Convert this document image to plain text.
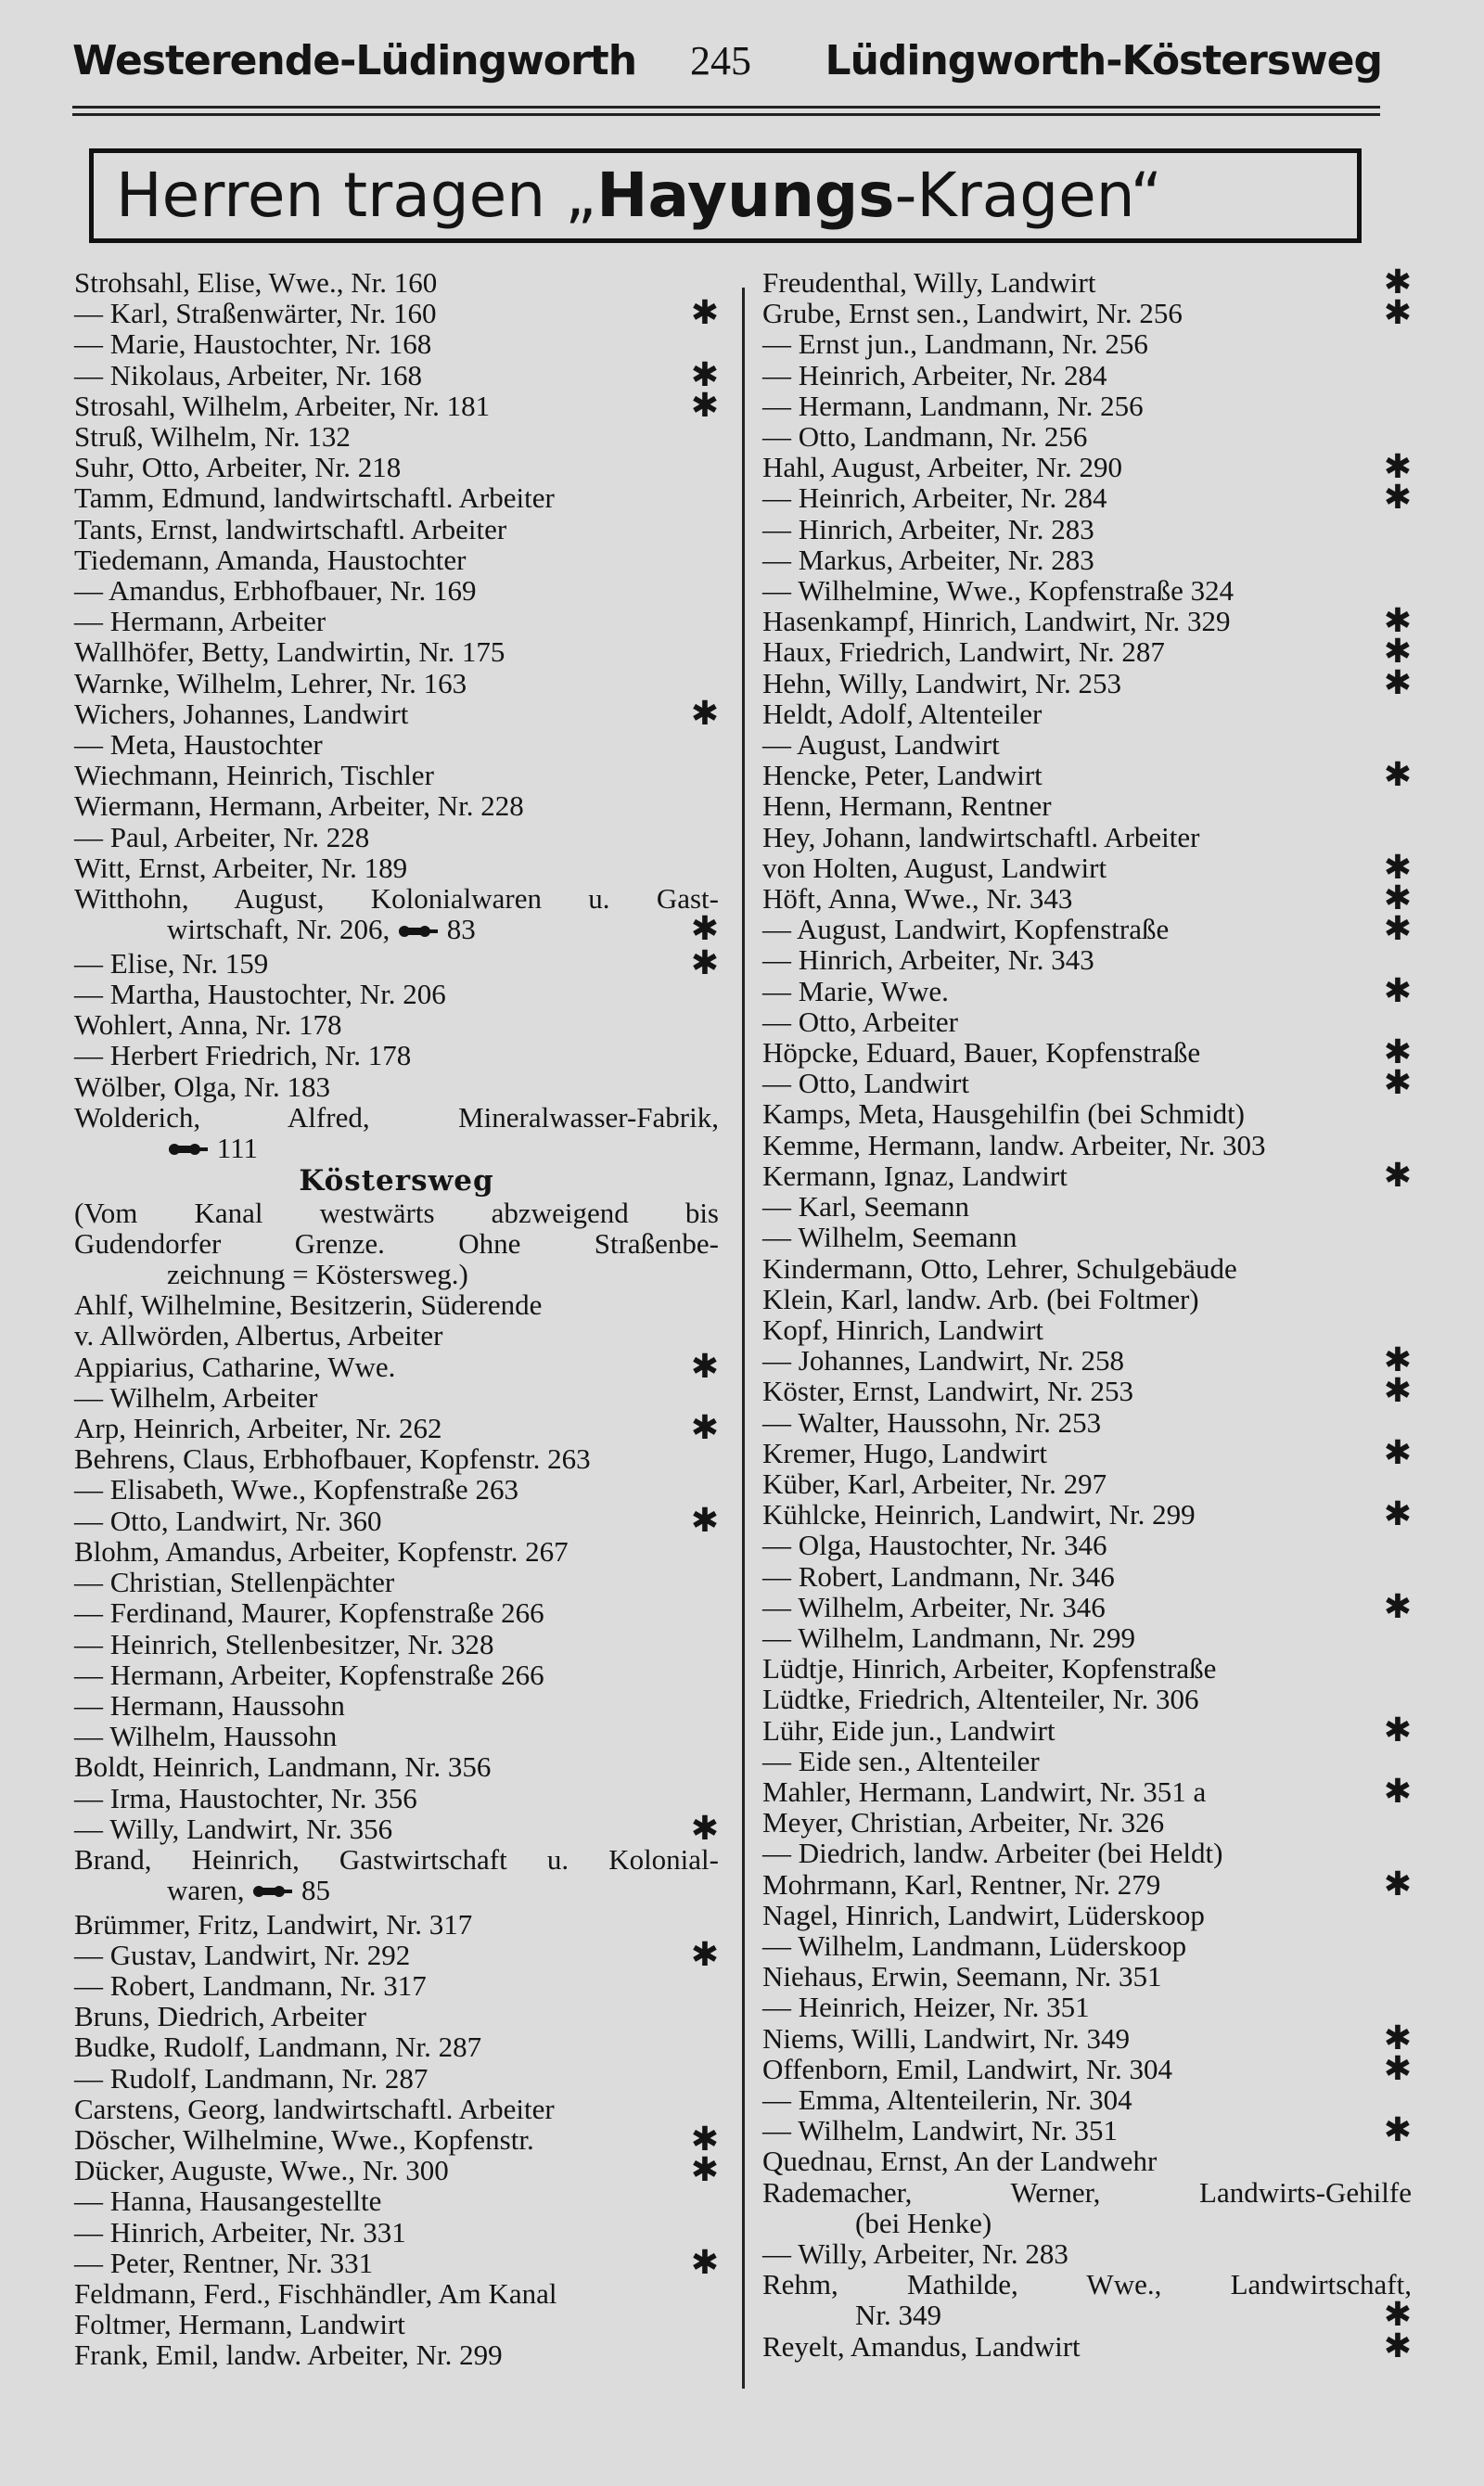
Westerende-Lüdingworth 245 Lüdingworth-Köstersweg
Herren tragen „Hayungs-Kragen“
Strohsahl, Elise, Wwe., Nr. 160
— Karl, Straßenwärter, Nr. 160	✱
— Marie, Haustochter, Nr. 168
— Nikolaus, Arbeiter, Nr. 168	✱
Strosahl, Wilhelm, Arbeiter, Nr. 181	✱
Struß, Wilhelm, Nr. 132
Suhr, Otto, Arbeiter, Nr. 218
Tamm, Edmund, landwirtschaftl. Arbeiter
Tants, Ernst, landwirtschaftl. Arbeiter
Tiedemann, Amanda, Haustochter
— Amandus, Erbhofbauer, Nr. 169
— Hermann, Arbeiter
Wallhöfer, Betty, Landwirtin, Nr. 175
Warnke, Wilhelm, Lehrer, Nr. 163
Wichers, Johannes, Landwirt	✱
— Meta, Haustochter
Wiechmann, Heinrich, Tischler
Wiermann, Hermann, Arbeiter, Nr. 228
— Paul, Arbeiter, Nr. 228
Witt, Ernst, Arbeiter, Nr. 189
Witthohn, August, Kolonialwaren u. Gast-
wirtschaft, Nr. 206,  83	✱
— Elise, Nr. 159	✱
— Martha, Haustochter, Nr. 206
Wohlert, Anna, Nr. 178
— Herbert Friedrich, Nr. 178
Wölber, Olga, Nr. 183
Wolderich, Alfred, Mineralwasser-Fabrik,
111
Köstersweg
(Vom Kanal westwärts abzweigend bis
Gudendorfer Grenze. Ohne Straßenbe-
zeichnung = Köstersweg.)
Ahlf, Wilhelmine, Besitzerin, Süderende
v. Allwörden, Albertus, Arbeiter
Appiarius, Catharine, Wwe.	✱
— Wilhelm, Arbeiter
Arp, Heinrich, Arbeiter, Nr. 262	✱
Behrens, Claus, Erbhofbauer, Kopfenstr. 263
— Elisabeth, Wwe., Kopfenstraße 263
— Otto, Landwirt, Nr. 360	✱
Blohm, Amandus, Arbeiter, Kopfenstr. 267
— Christian, Stellenpächter
— Ferdinand, Maurer, Kopfenstraße 266
— Heinrich, Stellenbesitzer, Nr. 328
— Hermann, Arbeiter, Kopfenstraße 266
— Hermann, Haussohn
— Wilhelm, Haussohn
Boldt, Heinrich, Landmann, Nr. 356
— Irma, Haustochter, Nr. 356
— Willy, Landwirt, Nr. 356	✱
Brand, Heinrich, Gastwirtschaft u. Kolonial-
waren,  85
Brümmer, Fritz, Landwirt, Nr. 317
— Gustav, Landwirt, Nr. 292	✱
— Robert, Landmann, Nr. 317
Bruns, Diedrich, Arbeiter
Budke, Rudolf, Landmann, Nr. 287
— Rudolf, Landmann, Nr. 287
Carstens, Georg, landwirtschaftl. Arbeiter
Döscher, Wilhelmine, Wwe., Kopfenstr.	✱
Dücker, Auguste, Wwe., Nr. 300	✱
— Hanna, Hausangestellte
— Hinrich, Arbeiter, Nr. 331
— Peter, Rentner, Nr. 331	✱
Feldmann, Ferd., Fischhändler, Am Kanal
Foltmer, Hermann, Landwirt
Frank, Emil, landw. Arbeiter, Nr. 299
Freudenthal, Willy, Landwirt	✱
Grube, Ernst sen., Landwirt, Nr. 256	✱
— Ernst jun., Landmann, Nr. 256
— Heinrich, Arbeiter, Nr. 284
— Hermann, Landmann, Nr. 256
— Otto, Landmann, Nr. 256
Hahl, August, Arbeiter, Nr. 290	✱
— Heinrich, Arbeiter, Nr. 284	✱
— Hinrich, Arbeiter, Nr. 283
— Markus, Arbeiter, Nr. 283
— Wilhelmine, Wwe., Kopfenstraße 324
Hasenkampf, Hinrich, Landwirt, Nr. 329	✱
Haux, Friedrich, Landwirt, Nr. 287	✱
Hehn, Willy, Landwirt, Nr. 253	✱
Heldt, Adolf, Altenteiler
— August, Landwirt
Hencke, Peter, Landwirt	✱
Henn, Hermann, Rentner
Hey, Johann, landwirtschaftl. Arbeiter
von Holten, August, Landwirt	✱
Höft, Anna, Wwe., Nr. 343	✱
— August, Landwirt, Kopfenstraße	✱
— Hinrich, Arbeiter, Nr. 343
— Marie, Wwe.	✱
— Otto, Arbeiter
Höpcke, Eduard, Bauer, Kopfenstraße	✱
— Otto, Landwirt	✱
Kamps, Meta, Hausgehilfin (bei Schmidt)
Kemme, Hermann, landw. Arbeiter, Nr. 303
Kermann, Ignaz, Landwirt	✱
— Karl, Seemann
— Wilhelm, Seemann
Kindermann, Otto, Lehrer, Schulgebäude
Klein, Karl, landw. Arb. (bei Foltmer)
Kopf, Hinrich, Landwirt
— Johannes, Landwirt, Nr. 258	✱
Köster, Ernst, Landwirt, Nr. 253	✱
— Walter, Haussohn, Nr. 253
Kremer, Hugo, Landwirt	✱
Küber, Karl, Arbeiter, Nr. 297
Kühlcke, Heinrich, Landwirt, Nr. 299	✱
— Olga, Haustochter, Nr. 346
— Robert, Landmann, Nr. 346
— Wilhelm, Arbeiter, Nr. 346	✱
— Wilhelm, Landmann, Nr. 299
Lüdtje, Hinrich, Arbeiter, Kopfenstraße
Lüdtke, Friedrich, Altenteiler, Nr. 306
Lühr, Eide jun., Landwirt	✱
— Eide sen., Altenteiler
Mahler, Hermann, Landwirt, Nr. 351 a	✱
Meyer, Christian, Arbeiter, Nr. 326
— Diedrich, landw. Arbeiter (bei Heldt)
Mohrmann, Karl, Rentner, Nr. 279	✱
Nagel, Hinrich, Landwirt, Lüderskoop
— Wilhelm, Landmann, Lüderskoop
Niehaus, Erwin, Seemann, Nr. 351
— Heinrich, Heizer, Nr. 351
Niems, Willi, Landwirt, Nr. 349	✱
Offenborn, Emil, Landwirt, Nr. 304	✱
— Emma, Altenteilerin, Nr. 304
— Wilhelm, Landwirt, Nr. 351	✱
Quednau, Ernst, An der Landwehr
Rademacher, Werner, Landwirts-Gehilfe
(bei Henke)
— Willy, Arbeiter, Nr. 283
Rehm, Mathilde, Wwe., Landwirtschaft,
Nr. 349	✱
Reyelt, Amandus, Landwirt	✱
